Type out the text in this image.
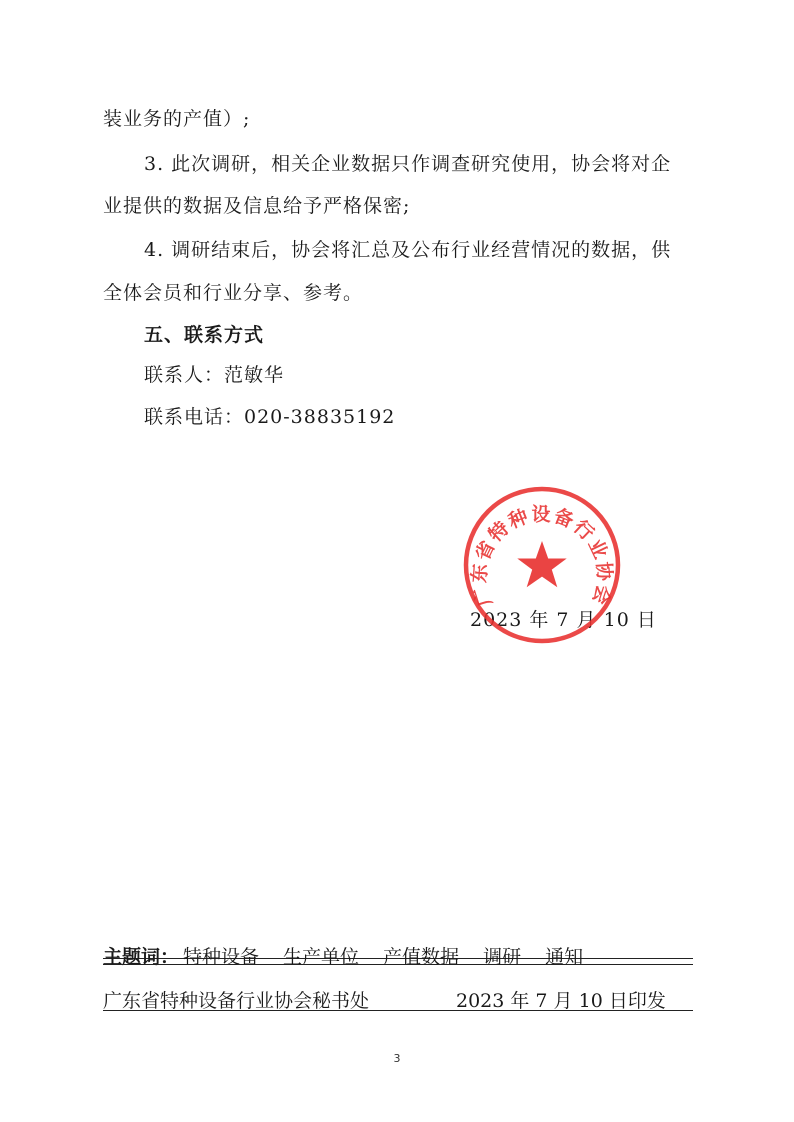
装业务的产值）;
3. 此次调研，相关企业数据只作调查研究使用，协会将对企
业提供的数据及信息给予严格保密;
4. 调研结束后，协会将汇总及公布行业经营情况的数据，供
全体会员和行业分享、参考。
五、联系方式
联系人：范敏华
联系电话：020-38835192
2023 年 7 月 10 日
广东省特种设备行业协会
主题词： 特种设备 生产单位 产值数据 调研 通知
广东省特种设备行业协会秘书处	2023 年 7 月 10 日印发
3
